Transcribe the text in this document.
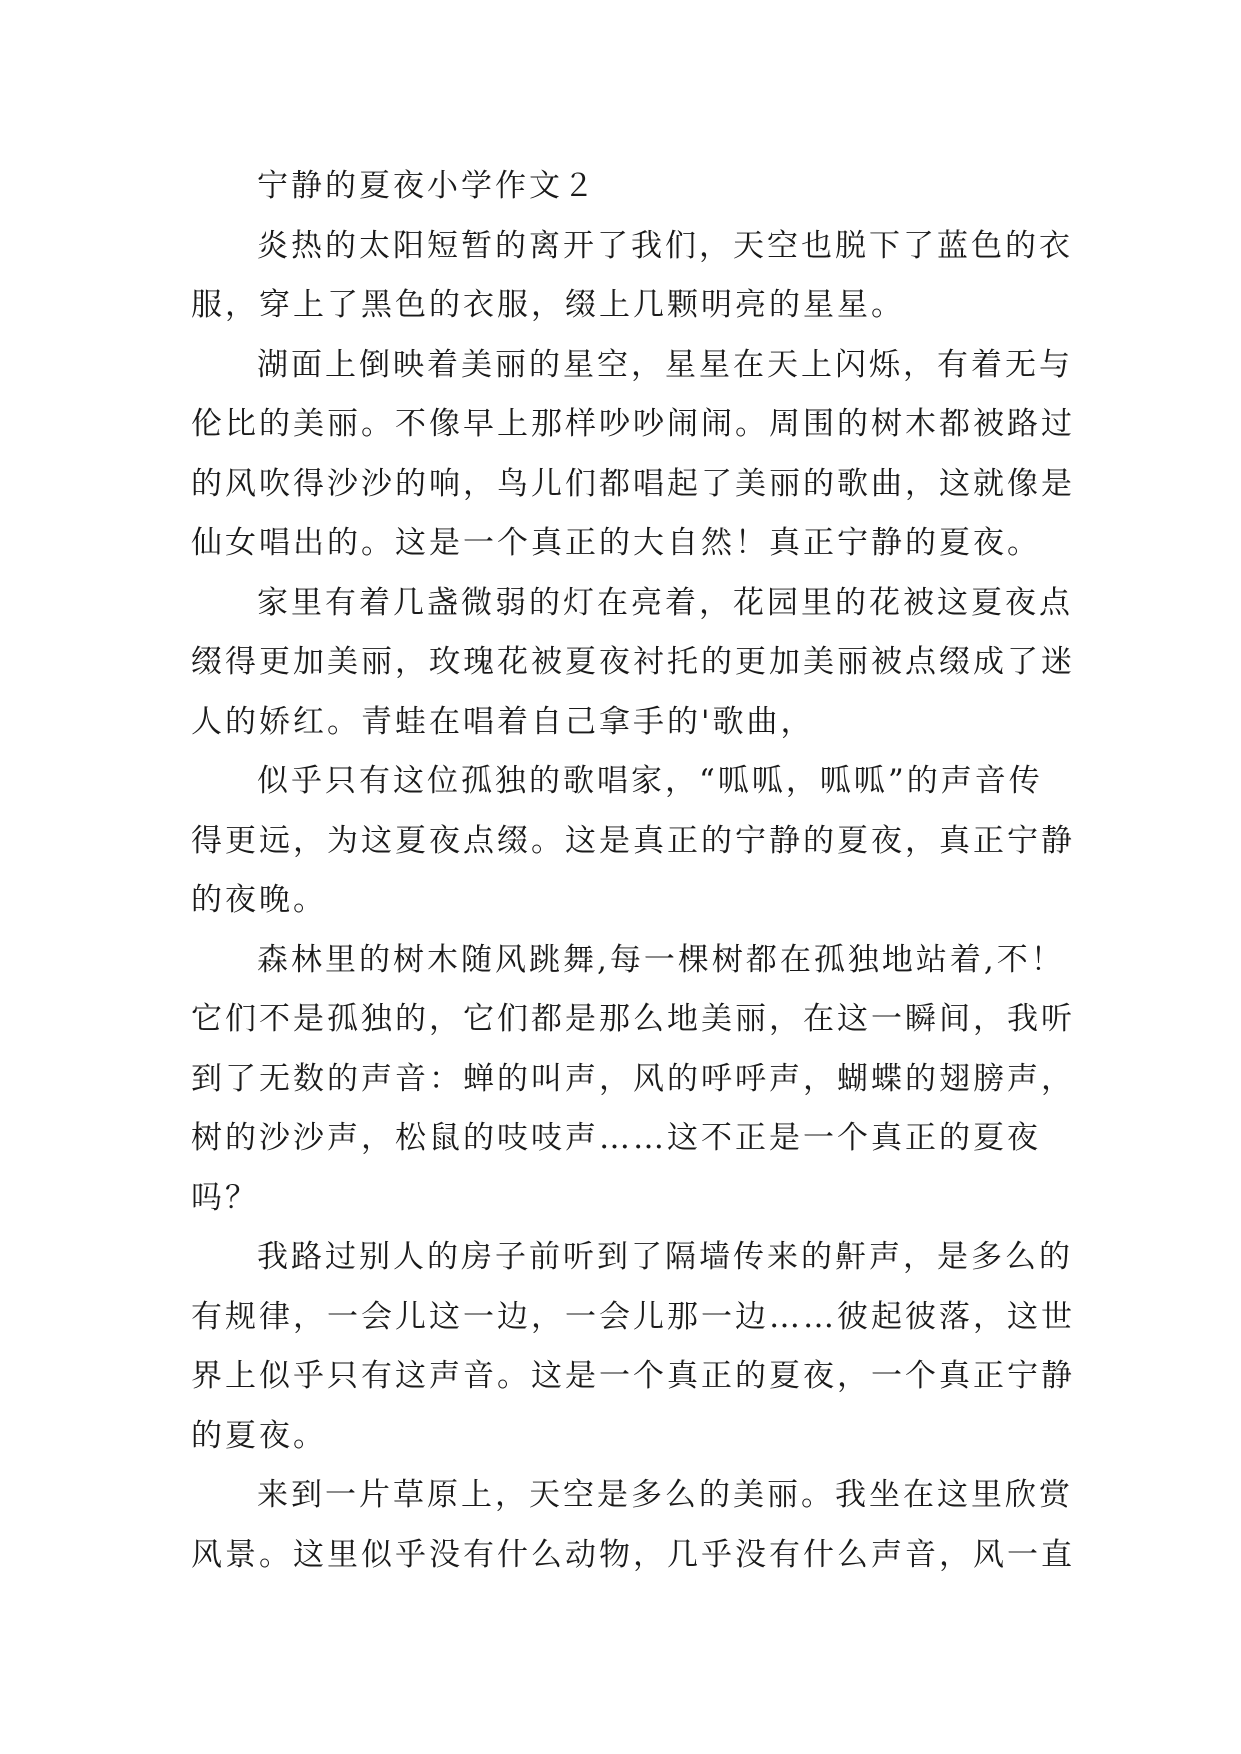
宁静的夏夜小学作文２
炎热的太阳短暂的离开了我们，天空也脱下了蓝色的衣
服，穿上了黑色的衣服，缀上几颗明亮的星星。
湖面上倒映着美丽的星空，星星在天上闪烁，有着无与
伦比的美丽。不像早上那样吵吵闹闹。周围的树木都被路过
的风吹得沙沙的响，鸟儿们都唱起了美丽的歌曲，这就像是
仙女唱出的。这是一个真正的大自然！真正宁静的夏夜。
家里有着几盏微弱的灯在亮着，花园里的花被这夏夜点
缀得更加美丽，玫瑰花被夏夜衬托的更加美丽被点缀成了迷
人的娇红。青蛙在唱着自己拿手的'歌曲，
似乎只有这位孤独的歌唱家，“呱呱，呱呱”的声音传
得更远，为这夏夜点缀。这是真正的宁静的夏夜，真正宁静
的夜晚。
森林里的树木随风跳舞,每一棵树都在孤独地站着,不！
它们不是孤独的，它们都是那么地美丽，在这一瞬间，我听
到了无数的声音：蝉的叫声，风的呼呼声，蝴蝶的翅膀声，
树的沙沙声，松鼠的吱吱声……这不正是一个真正的夏夜
吗？
我路过别人的房子前听到了隔墙传来的鼾声，是多么的
有规律，一会儿这一边，一会儿那一边……彼起彼落，这世
界上似乎只有这声音。这是一个真正的夏夜，一个真正宁静
的夏夜。
来到一片草原上，天空是多么的美丽。我坐在这里欣赏
风景。这里似乎没有什么动物，几乎没有什么声音，风一直
